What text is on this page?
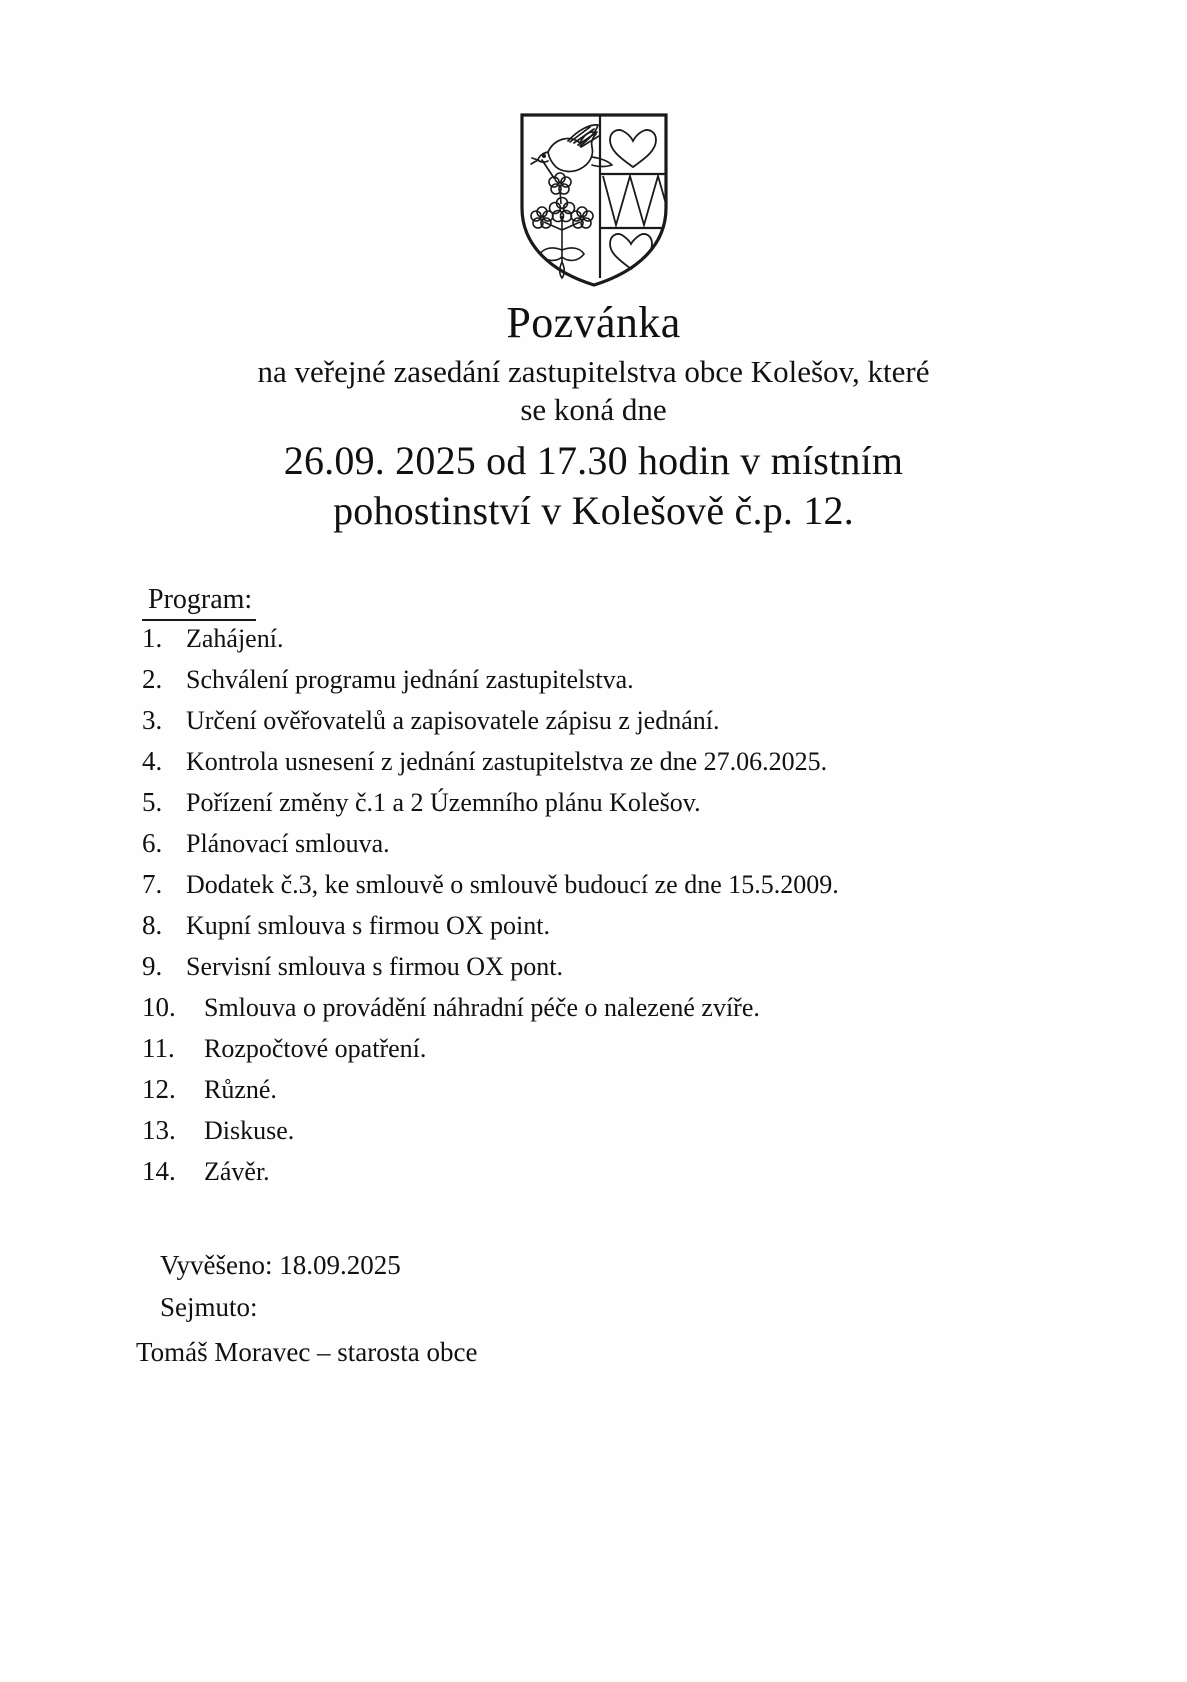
Pozvánka

na veřejné zasedání zastupitelstva obce Kolešov, které

se koná dne

26.09. 2025 od 17.30 hodin v místním
pohostinství v Kolešově č.p. 12.

Program:
1. Zahájení.
2. Schválení programu jednání zastupitelstva.
3. Určení ověřovatelů a zapisovatele zápisu z jednání.
4. Kontrola usnesení z jednání zastupitelstva ze dne 27.06.2025.
5. Pořízení změny č.1 a 2 Územního plánu Kolešov.
6. Plánovací smlouva.
7. Dodatek č.3, ke smlouvě o smlouvě budoucí ze dne 15.5.2009.
8. Kupní smlouva s firmou OX point.
9. Servisní smlouva s firmou OX pont.
10.	Smlouva o provádění náhradní péče o nalezené zvíře.
11.	Rozpočtové opatření.
12.	Různé.
13.	Diskuse.
14.	Závěr.

Vyvěšeno: 18.09.2025

Sejmuto:

Tomáš Moravec – starosta obce
